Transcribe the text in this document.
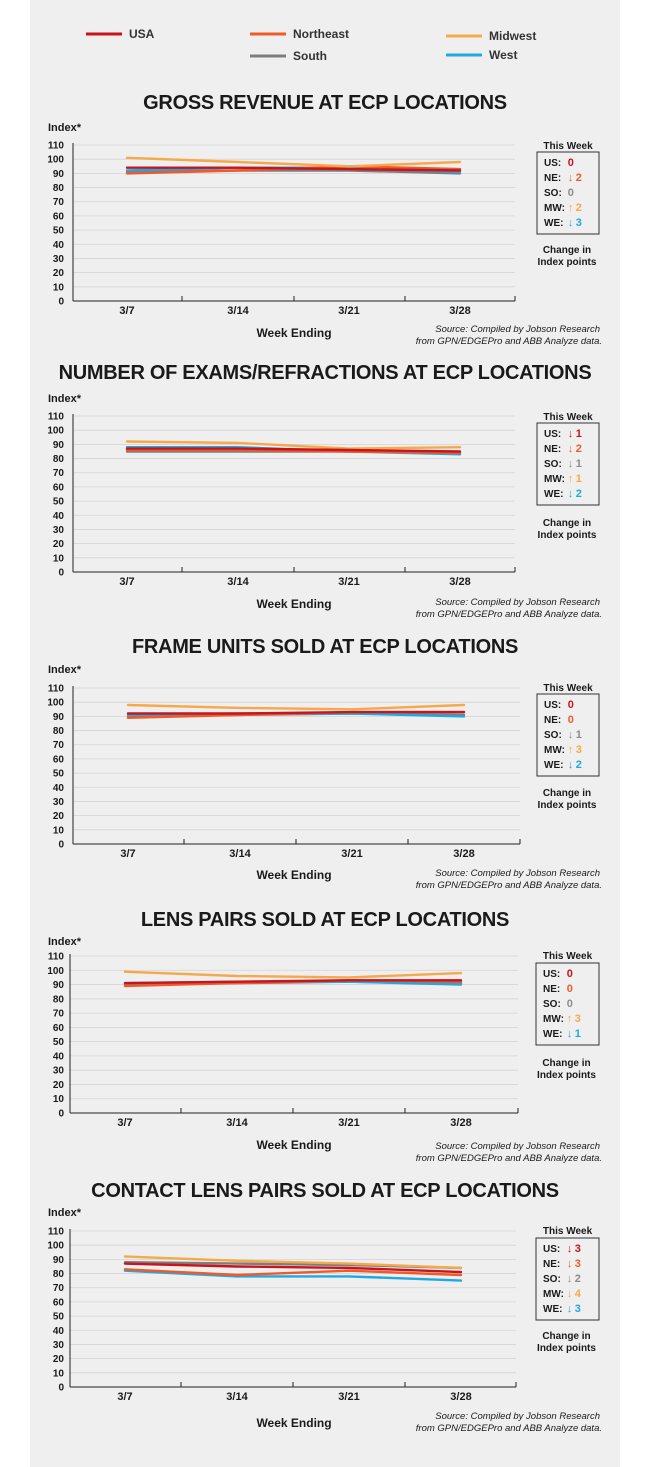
USA	Northeast	Midwest
South	West
GROSS REVENUE AT ECP LOCATIONS
Index*
0
10
20
30
40
50
60
70
80
90
100
110
3/7	3/14	3/21	3/28
Week Ending	Source: Compiled by Jobson Research
from GPN/EDGEPro and ABB Analyze data.
This Week
US: 0
NE: ↓ 2
SO: 0
MW: ↑ 2
WE: ↓ 3
Change in
Index points
NUMBER OF EXAMS/REFRACTIONS AT ECP LOCATIONS
Index*
0
10
20
30
40
50
60
70
80
90
100
110
3/7	3/14	3/21	3/28
Week Ending	Source: Compiled by Jobson Research
from GPN/EDGEPro and ABB Analyze data.
This Week
US: ↓ 1
NE: ↓ 2
SO: ↓ 1
MW: ↑ 1
WE: ↓ 2
Change in
Index points
FRAME UNITS SOLD AT ECP LOCATIONS
Index*
0
10
20
30
40
50
60
70
80
90
100
110
3/7	3/14	3/21	3/28
Week Ending	Source: Compiled by Jobson Research
from GPN/EDGEPro and ABB Analyze data.
This Week
US: 0
NE: 0
SO: ↓ 1
MW: ↑ 3
WE: ↓ 2
Change in
Index points
LENS PAIRS SOLD AT ECP LOCATIONS
Index*
0
10
20
30
40
50
60
70
80
90
100
110
3/7	3/14	3/21	3/28
Week Ending	Source: Compiled by Jobson Research
from GPN/EDGEPro and ABB Analyze data.
This Week
US: 0
NE: 0
SO: 0
MW: ↑ 3
WE: ↓ 1
Change in
Index points
CONTACT LENS PAIRS SOLD AT ECP LOCATIONS
Index*
0
10
20
30
40
50
60
70
80
90
100
110
3/7	3/14	3/21	3/28
Week Ending	Source: Compiled by Jobson Research
from GPN/EDGEPro and ABB Analyze data.
This Week
US: ↓ 3
NE: ↓ 3
SO: ↓ 2
MW: ↓ 4
WE: ↓ 3
Change in
Index points
